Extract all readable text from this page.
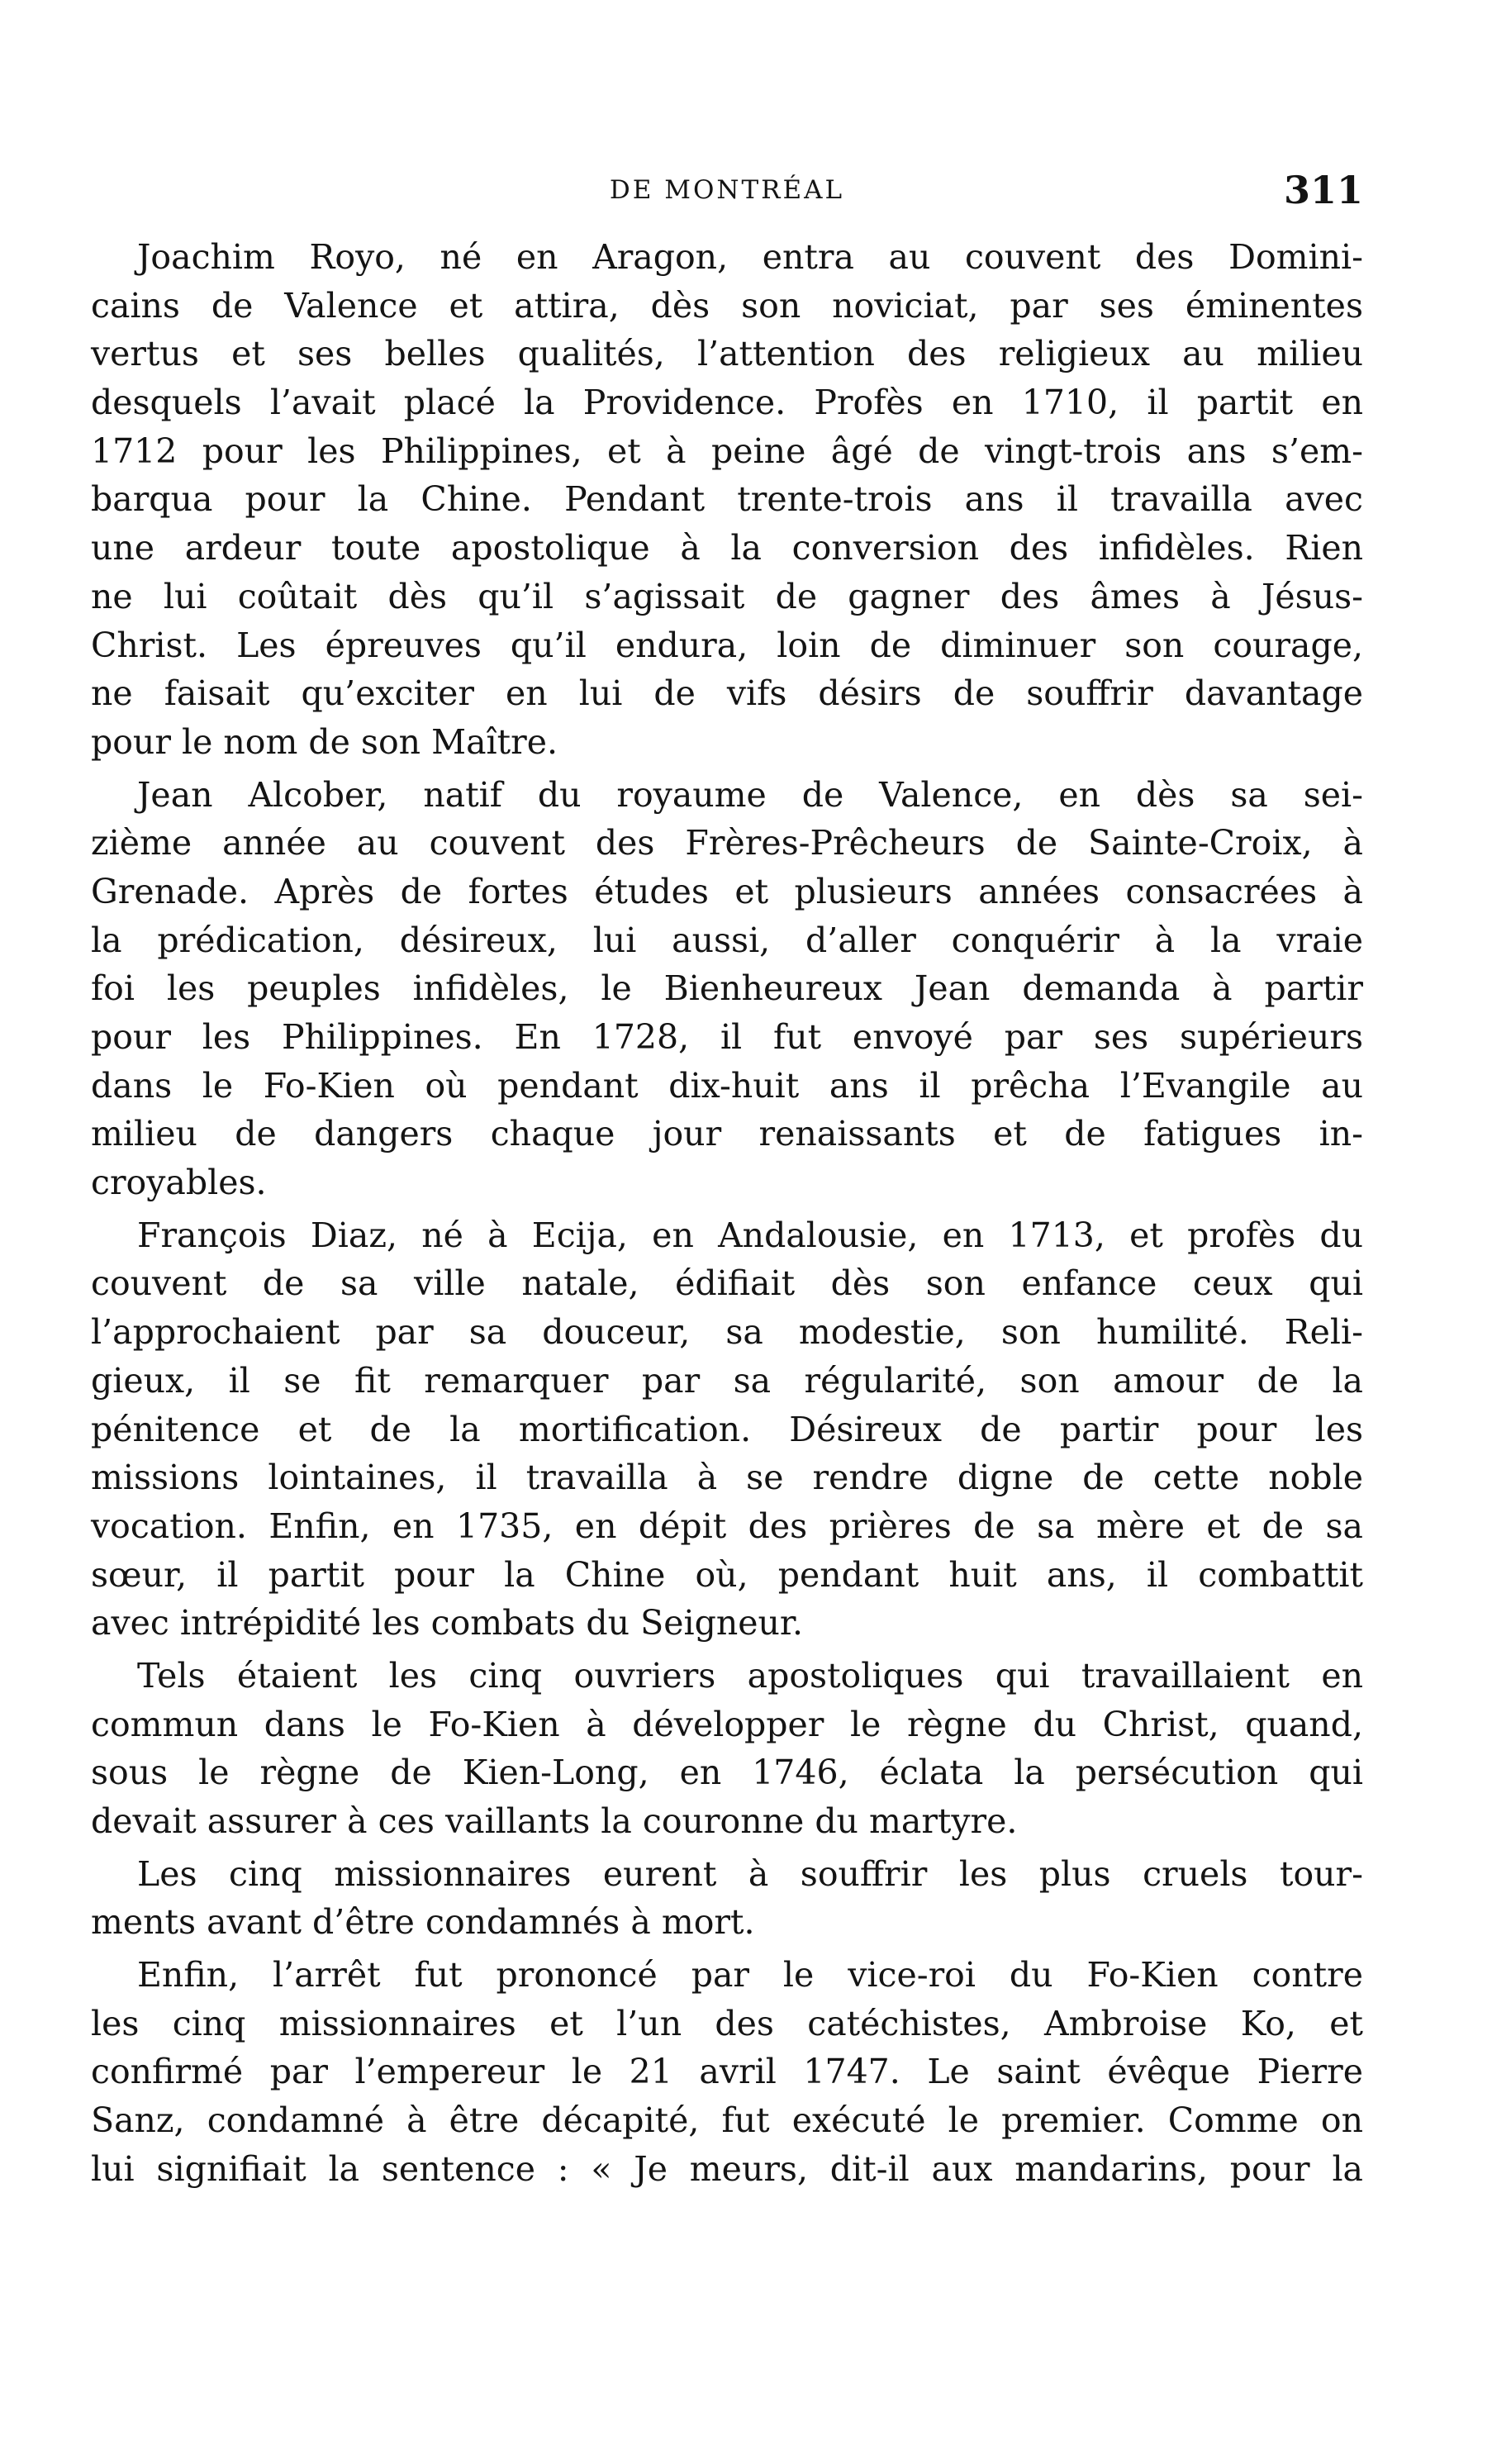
DE MONTRÉAL	311
Joachim Royo, né en Aragon, entra au couvent des Domini-
cains de Valence et attira, dès son noviciat, par ses éminentes
vertus et ses belles qualités, l’attention des religieux au milieu
desquels l’avait placé la Providence. Profès en 1710, il partit en
1712 pour les Philippines, et à peine âgé de vingt-trois ans s’em-
barqua pour la Chine. Pendant trente-trois ans il travailla avec
une ardeur toute apostolique à la conversion des infidèles. Rien
ne lui coûtait dès qu’il s’agissait de gagner des âmes à Jésus-
Christ. Les épreuves qu’il endura, loin de diminuer son courage,
ne faisait qu’exciter en lui de vifs désirs de souffrir davantage
pour le nom de son Maître.
Jean Alcober, natif du royaume de Valence, en dès sa sei-
zième année au couvent des Frères-Prêcheurs de Sainte-Croix, à
Grenade. Après de fortes études et plusieurs années consacrées à
la prédication, désireux, lui aussi, d’aller conquérir à la vraie
foi les peuples infidèles, le Bienheureux Jean demanda à partir
pour les Philippines. En 1728, il fut envoyé par ses supérieurs
dans le Fo-Kien où pendant dix-huit ans il prêcha l’Evangile au
milieu de dangers chaque jour renaissants et de fatigues in-
croyables.
François Diaz, né à Ecija, en Andalousie, en 1713, et profès du
couvent de sa ville natale, édifiait dès son enfance ceux qui
l’approchaient par sa douceur, sa modestie, son humilité. Reli-
gieux, il se fit remarquer par sa régularité, son amour de la
pénitence et de la mortification. Désireux de partir pour les
missions lointaines, il travailla à se rendre digne de cette noble
vocation. Enfin, en 1735, en dépit des prières de sa mère et de sa
sœur, il partit pour la Chine où, pendant huit ans, il combattit
avec intrépidité les combats du Seigneur.
Tels étaient les cinq ouvriers apostoliques qui travaillaient en
commun dans le Fo-Kien à développer le règne du Christ, quand,
sous le règne de Kien-Long, en 1746, éclata la persécution qui
devait assurer à ces vaillants la couronne du martyre.
Les cinq missionnaires eurent à souffrir les plus cruels tour-
ments avant d’être condamnés à mort.
Enfin, l’arrêt fut prononcé par le vice-roi du Fo-Kien contre
les cinq missionnaires et l’un des catéchistes, Ambroise Ko, et
confirmé par l’empereur le 21 avril 1747. Le saint évêque Pierre
Sanz, condamné à être décapité, fut exécuté le premier. Comme on
lui signifiait la sentence : « Je meurs, dit-il aux mandarins, pour la
